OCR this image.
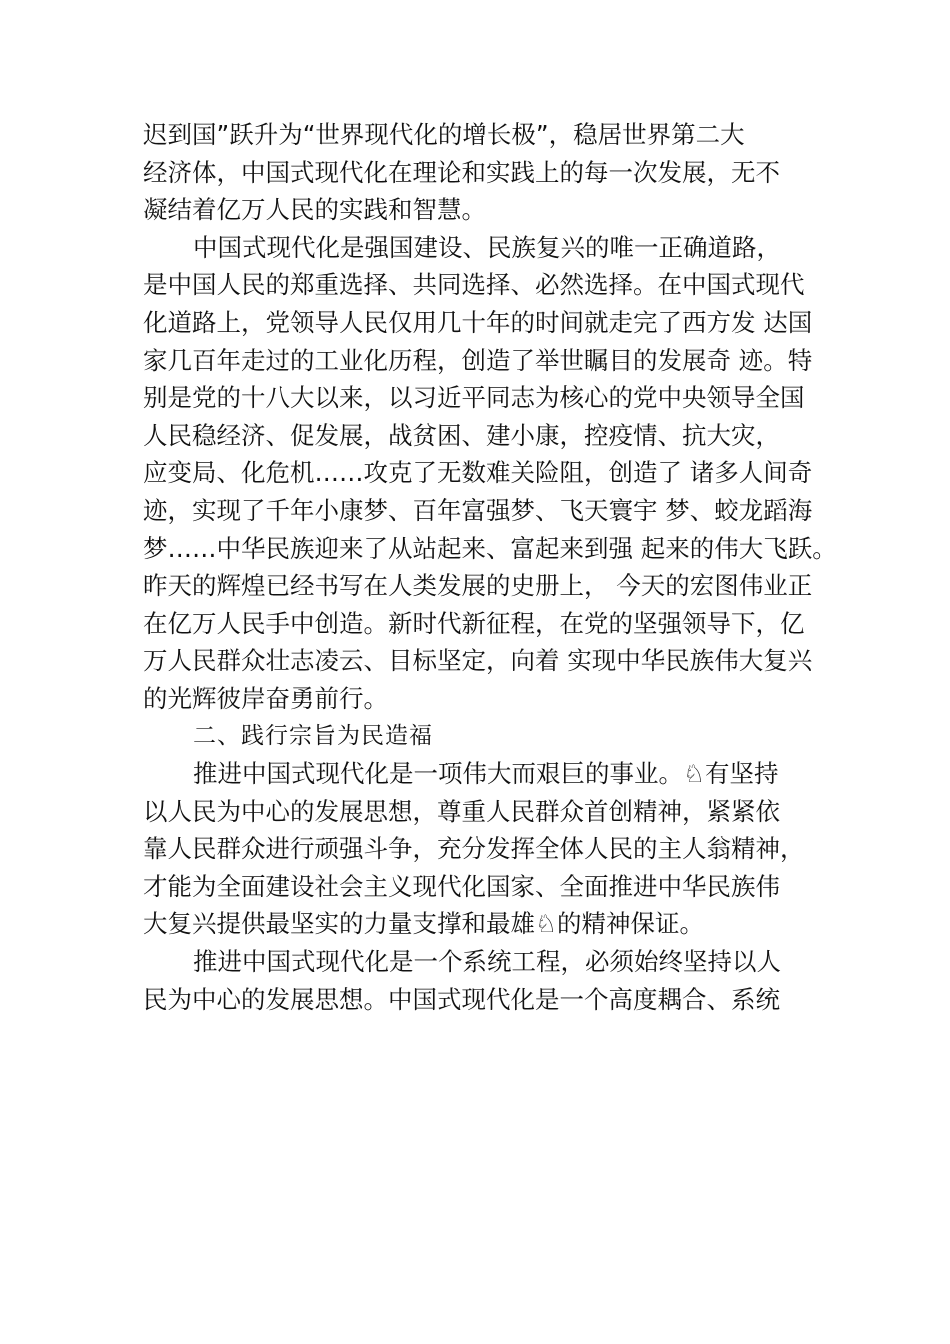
迟到国”跃升为“世界现代化的增长极”，稳居世界第二大
经济体，中国式现代化在理论和实践上的每一次发展，无不
凝结着亿万人民的实践和智慧。
中国式现代化是强国建设、民族复兴的唯一正确道路，
是中国人民的郑重选择、共同选择、必然选择。在中国式现代
化道路上，党领导人民仅用几十年的时间就走完了西方发 达国
家几百年走过的工业化历程，创造了举世瞩目的发展奇 迹。特
别是党的十八大以来，以习近平同志为核心的党中央领导全国
人民稳经济、促发展，战贫困、建小康，控疫情、抗大灾，
应变局、化危机……攻克了无数难关险阻，创造了 诸多人间奇
迹，实现了千年小康梦、百年富强梦、飞天寰宇 梦、蛟龙蹈海
梦……中华民族迎来了从站起来、富起来到强 起来的伟大飞跃。
昨天的辉煌已经书写在人类发展的史册上， 今天的宏图伟业正
在亿万人民手中创造。新时代新征程，在党的坚强领导下，亿
万人民群众壮志凌云、目标坚定，向着 实现中华民族伟大复兴
的光辉彼岸奋勇前行。
二、践行宗旨为民造福
推进中国式现代化是一项伟大而艰巨的事业。♘有坚持
以人民为中心的发展思想，尊重人民群众首创精神，紧紧依
靠人民群众进行顽强斗争，充分发挥全体人民的主人翁精神，
才能为全面建设社会主义现代化国家、全面推进中华民族伟
大复兴提供最坚实的力量支撑和最雄♘的精神保证。
推进中国式现代化是一个系统工程，必须始终坚持以人
民为中心的发展思想。中国式现代化是一个高度耦合、系统
